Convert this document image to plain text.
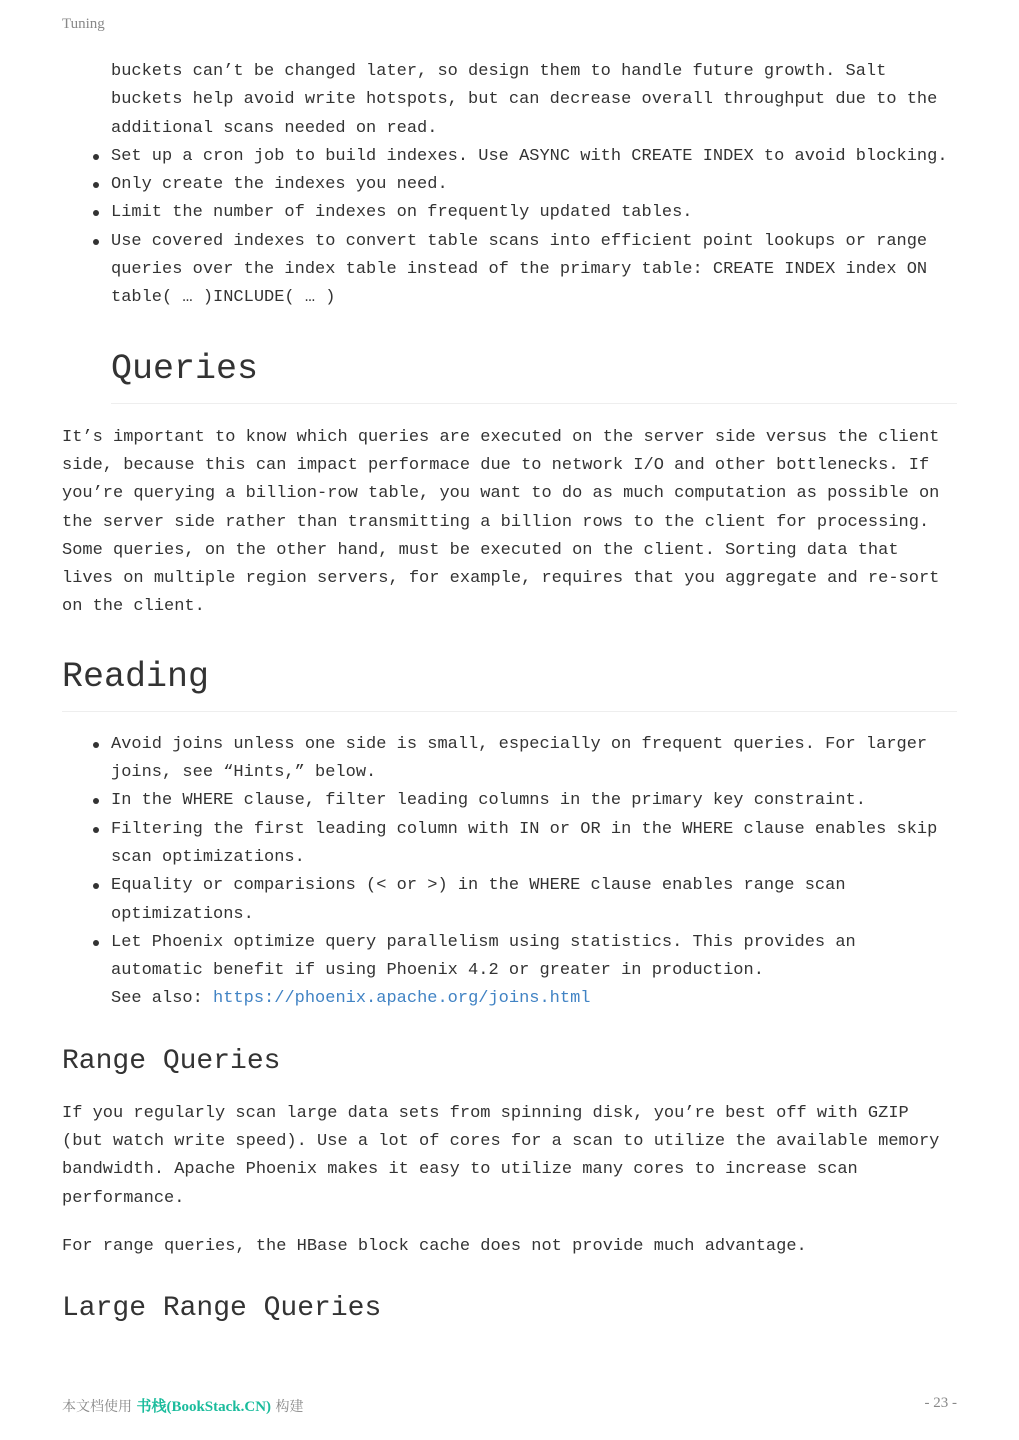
Tuning
buckets can’t be changed later, so design them to handle future growth. Salt buckets help avoid write hotspots, but can decrease overall throughput due to the additional scans needed on read.
Set up a cron job to build indexes. Use ASYNC with CREATE INDEX to avoid blocking.
Only create the indexes you need.
Limit the number of indexes on frequently updated tables.
Use covered indexes to convert table scans into efficient point lookups or range queries over the index table instead of the primary table: CREATE INDEX index ON table( … )INCLUDE( … )
Queries

It’s important to know which queries are executed on the server side versus the client side, because this can impact performace due to network I/O and other bottlenecks. If you’re querying a billion-row table, you want to do as much computation as possible on the server side rather than transmitting a billion rows to the client for processing. Some queries, on the other hand, must be executed on the client. Sorting data that lives on multiple region servers, for example, requires that you aggregate and re-sort on the client.

Reading
Avoid joins unless one side is small, especially on frequent queries. For larger joins, see “Hints,” below.
In the WHERE clause, filter leading columns in the primary key constraint.
Filtering the first leading column with IN or OR in the WHERE clause enables skip scan optimizations.
Equality or comparisions (< or >) in the WHERE clause enables range scan optimizations.
Let Phoenix optimize query parallelism using statistics. This provides an automatic benefit if using Phoenix 4.2 or greater in production.
See also: https://phoenix.apache.org/joins.html
Range Queries

If you regularly scan large data sets from spinning disk, you’re best off with GZIP (but watch write speed). Use a lot of cores for a scan to utilize the available memory bandwidth. Apache Phoenix makes it easy to utilize many cores to increase scan performance.

For range queries, the HBase block cache does not provide much advantage.

Large Range Queries
本文档使用 书栈(BookStack.CN) 构建	- 23 -
